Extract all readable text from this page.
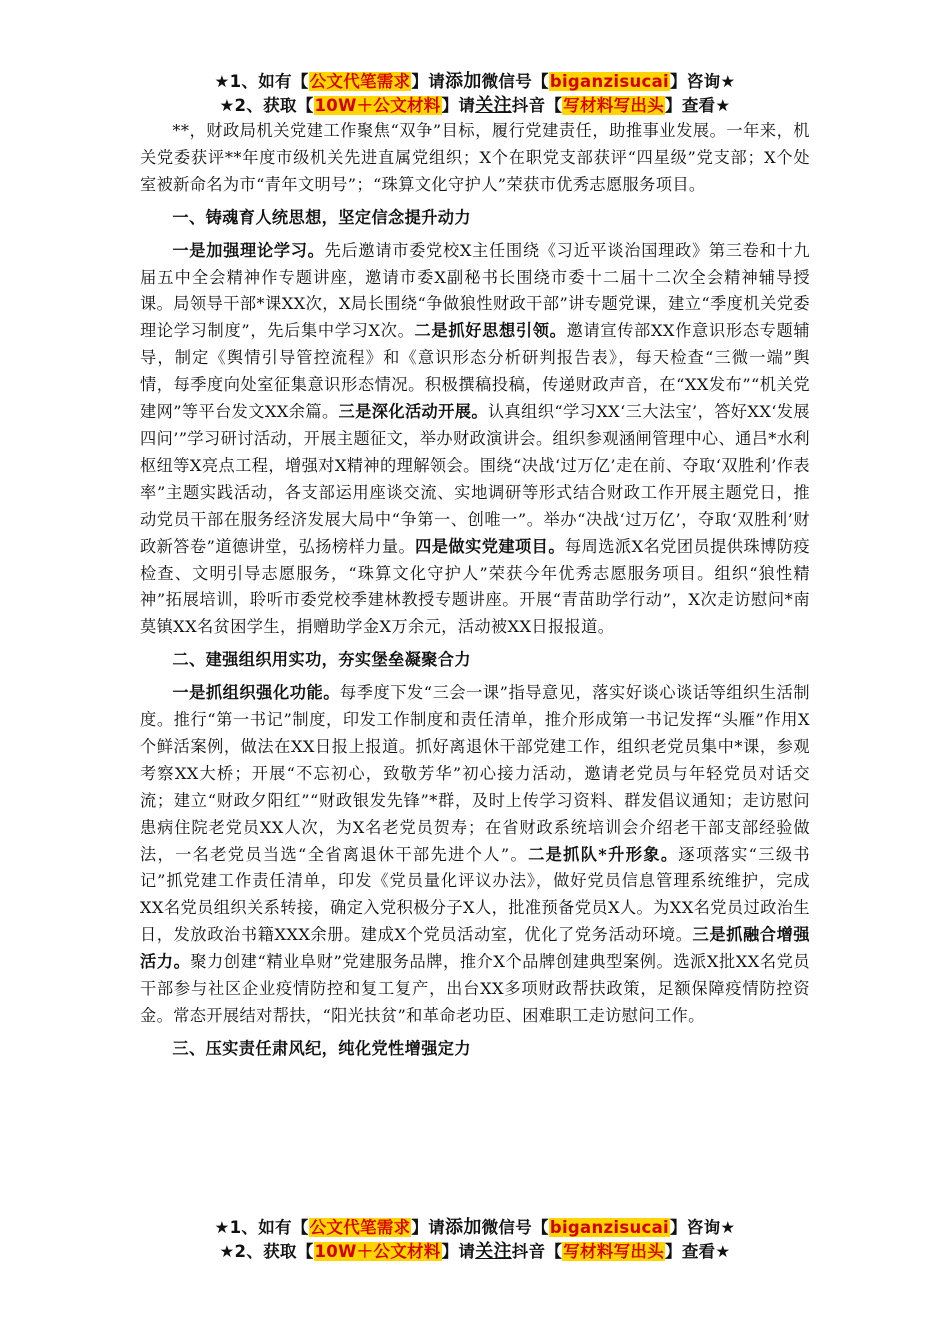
★1、如有【公文代笔需求】请添加微信号【biganzisucai】咨询★
★2、获取【10W＋公文材料】请关注抖音【写材料写出头】查看★

**，财政局机关党建工作聚焦“双争”目标，履行党建责任，助推事业发展。一年来，机关党委获评**年度市级机关先进直属党组织；X个在职党支部获评“四星级”党支部；X个处室被新命名为市“青年文明号”；“珠算文化守护人”荣获市优秀志愿服务项目。

一、铸魂育人统思想，坚定信念提升动力

一是加强理论学习。先后邀请市委党校X主任围绕《习近平谈治国理政》第三卷和十九届五中全会精神作专题讲座，邀请市委X副秘书长围绕市委十二届十二次全会精神辅导授课。局领导干部*课XX次，X局长围绕“争做狼性财政干部”讲专题党课，建立“季度机关党委理论学习制度”，先后集中学习X次。二是抓好思想引领。邀请宣传部XX作意识形态专题辅导，制定《舆情引导管控流程》和《意识形态分析研判报告表》，每天检查“三微一端”舆情，每季度向处室征集意识形态情况。积极撰稿投稿，传递财政声音，在“XX发布”“机关党建网”等平台发文XX余篇。三是深化活动开展。认真组织“学习XX‘三大法宝’，答好XX‘发展四问’”学习研讨活动，开展主题征文，举办财政演讲会。组织参观涵闸管理中心、通吕*水利枢纽等X亮点工程，增强对X精神的理解领会。围绕“决战‘过万亿’走在前、夺取‘双胜利’作表率”主题实践活动，各支部运用座谈交流、实地调研等形式结合财政工作开展主题党日，推动党员干部在服务经济发展大局中“争第一、创唯一”。举办“决战‘过万亿’，夺取‘双胜利’财政新答卷”道德讲堂，弘扬榜样力量。四是做实党建项目。每周选派X名党团员提供珠博防疫检查、文明引导志愿服务，“珠算文化守护人”荣获今年优秀志愿服务项目。组织“狼性精神”拓展培训，聆听市委党校季建林教授专题讲座。开展“青苗助学行动”，X次走访慰问*南莫镇XX名贫困学生，捐赠助学金X万余元，活动被XX日报报道。

二、建强组织用实功，夯实堡垒凝聚合力

一是抓组织强化功能。每季度下发“三会一课”指导意见，落实好谈心谈话等组织生活制度。推行“第一书记”制度，印发工作制度和责任清单，推介形成第一书记发挥“头雁”作用X个鲜活案例，做法在XX日报上报道。抓好离退休干部党建工作，组织老党员集中*课，参观考察XX大桥；开展“不忘初心，致敬芳华”初心接力活动，邀请老党员与年轻党员对话交流；建立“财政夕阳红”“财政银发先锋”*群，及时上传学习资料、群发倡议通知；走访慰问患病住院老党员XX人次，为X名老党员贺寿；在省财政系统培训会介绍老干部支部经验做法，一名老党员当选“全省离退休干部先进个人”。二是抓队*升形象。逐项落实“三级书记”抓党建工作责任清单，印发《党员量化评议办法》，做好党员信息管理系统维护，完成XX名党员组织关系转接，确定入党积极分子X人，批准预备党员X人。为XX名党员过政治生日，发放政治书籍XXX余册。建成X个党员活动室，优化了党务活动环境。三是抓融合增强活力。聚力创建“精业阜财”党建服务品牌，推介X个品牌创建典型案例。选派X批XX名党员干部参与社区企业疫情防控和复工复产，出台XX多项财政帮扶政策，足额保障疫情防控资金。常态开展结对帮扶，“阳光扶贫”和革命老功臣、困难职工走访慰问工作。

三、压实责任肃风纪，纯化党性增强定力

★1、如有【公文代笔需求】请添加微信号【biganzisucai】咨询★
★2、获取【10W＋公文材料】请关注抖音【写材料写出头】查看★
